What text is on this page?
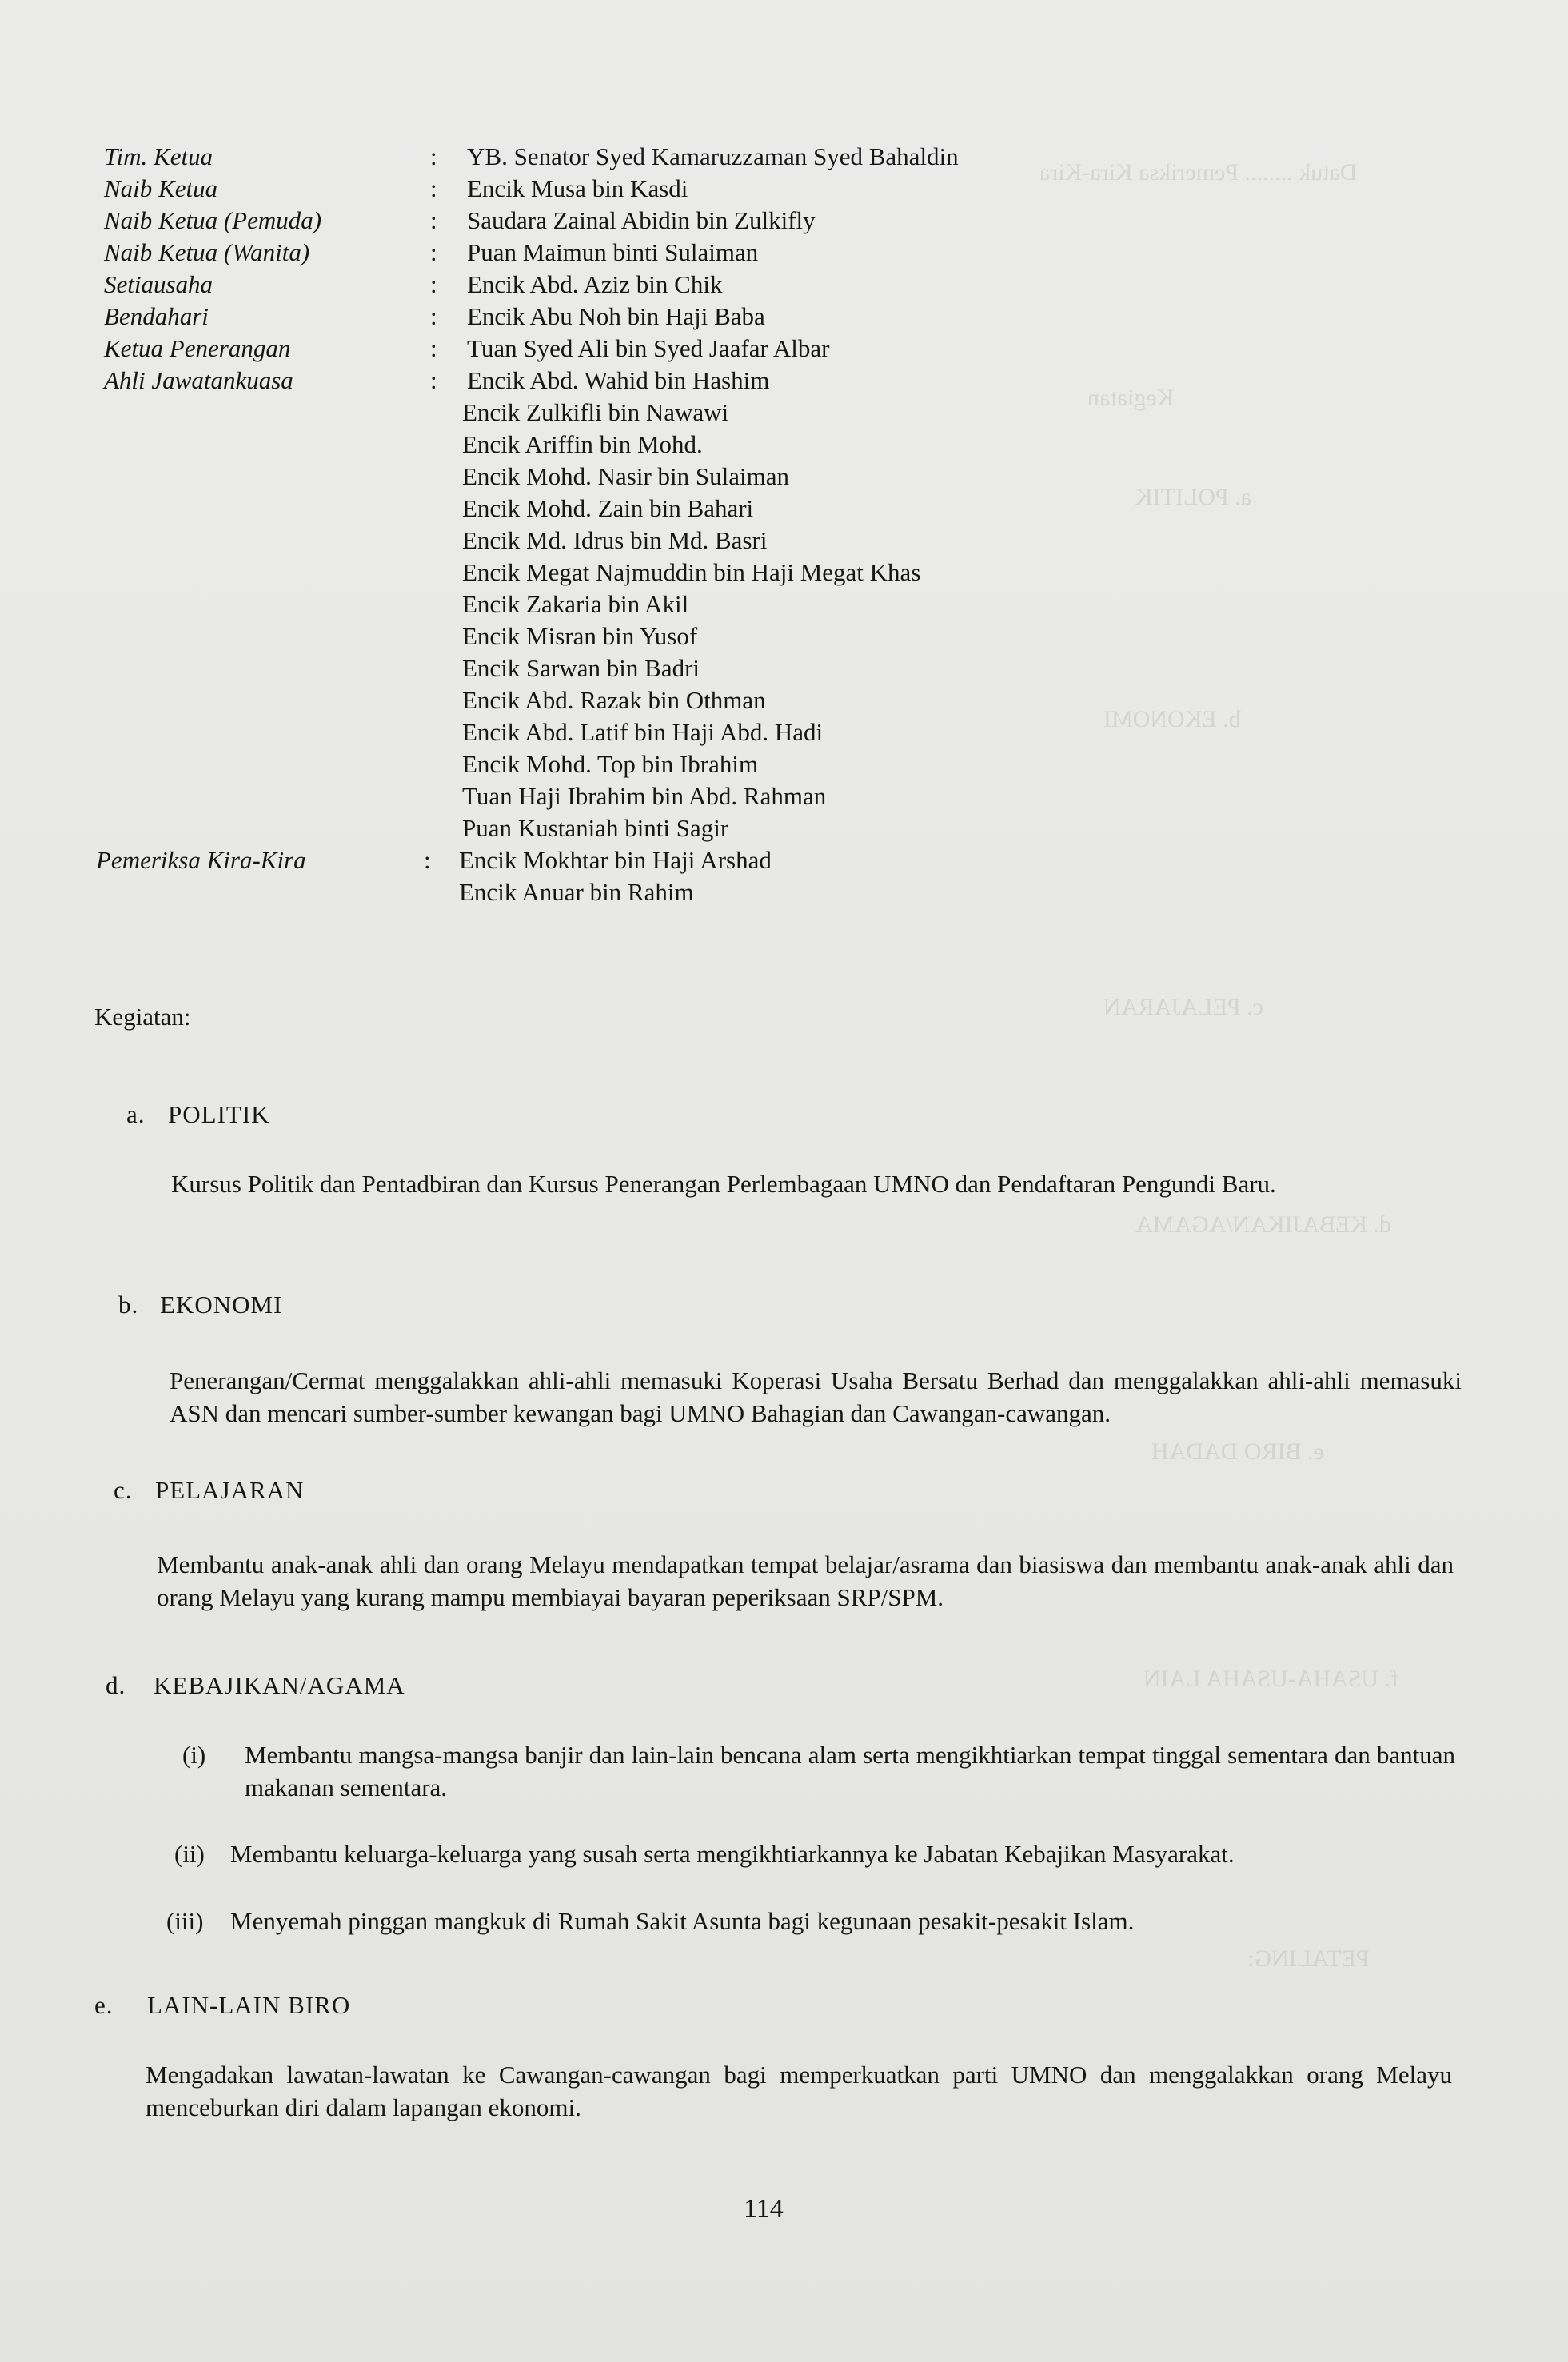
Datuk ........ Pemeriksa Kira-Kira
Kegiatan
a. POLITIK
b. EKONOMI
c. PELAJARAN
d. KEBAJIKAN/AGAMA
e. BIRO DADAH
f. USAHA-USAHA LAIN
PETALING:
Tim. Ketua	: YB. Senator Syed Kamaruzzaman Syed Bahaldin
Naib Ketua	: Encik Musa bin Kasdi
Naib Ketua (Pemuda)	: Saudara Zainal Abidin bin Zulkifly
Naib Ketua (Wanita)	: Puan Maimun binti Sulaiman
Setiausaha	: Encik Abd. Aziz bin Chik
Bendahari	: Encik Abu Noh bin Haji Baba
Ketua Penerangan	: Tuan Syed Ali bin Syed Jaafar Albar
Ahli Jawatankuasa	: Encik Abd. Wahid bin Hashim
Encik Zulkifli bin Nawawi
Encik Ariffin bin Mohd.
Encik Mohd. Nasir bin Sulaiman
Encik Mohd. Zain bin Bahari
Encik Md. Idrus bin Md. Basri
Encik Megat Najmuddin bin Haji Megat Khas
Encik Zakaria bin Akil
Encik Misran bin Yusof
Encik Sarwan bin Badri
Encik Abd. Razak bin Othman
Encik Abd. Latif bin Haji Abd. Hadi
Encik Mohd. Top bin Ibrahim
Tuan Haji Ibrahim bin Abd. Rahman
Puan Kustaniah binti Sagir
Pemeriksa Kira-Kira	: Encik Mokhtar bin Haji Arshad
Encik Anuar bin Rahim
Kegiatan:
a. POLITIK
Kursus Politik dan Pentadbiran dan Kursus Penerangan Perlembagaan UMNO dan Pendaftaran Pengundi Baru.
b. EKONOMI
Penerangan/Cermat menggalakkan ahli-ahli memasuki Koperasi Usaha Bersatu Berhad dan menggalakkan ahli-ahli memasuki ASN dan mencari sumber-sumber kewangan bagi UMNO Bahagian dan Cawangan-cawangan.
c. PELAJARAN
Membantu anak-anak ahli dan orang Melayu mendapatkan tempat belajar/asrama dan biasiswa dan membantu anak-anak ahli dan orang Melayu yang kurang mampu membiayai bayaran peperiksaan SRP/SPM.
d. KEBAJIKAN/AGAMA
(i) Membantu mangsa-mangsa banjir dan lain-lain bencana alam serta mengikhtiarkan tempat tinggal sementara dan bantuan makanan sementara.
(ii) Membantu keluarga-keluarga yang susah serta mengikhtiarkannya ke Jabatan Kebajikan Masyarakat.
(iii) Menyemah pinggan mangkuk di Rumah Sakit Asunta bagi kegunaan pesakit-pesakit Islam.
e. LAIN-LAIN BIRO
Mengadakan lawatan-lawatan ke Cawangan-cawangan bagi memperkuatkan parti UMNO dan menggalakkan orang Melayu menceburkan diri dalam lapangan ekonomi.
114
